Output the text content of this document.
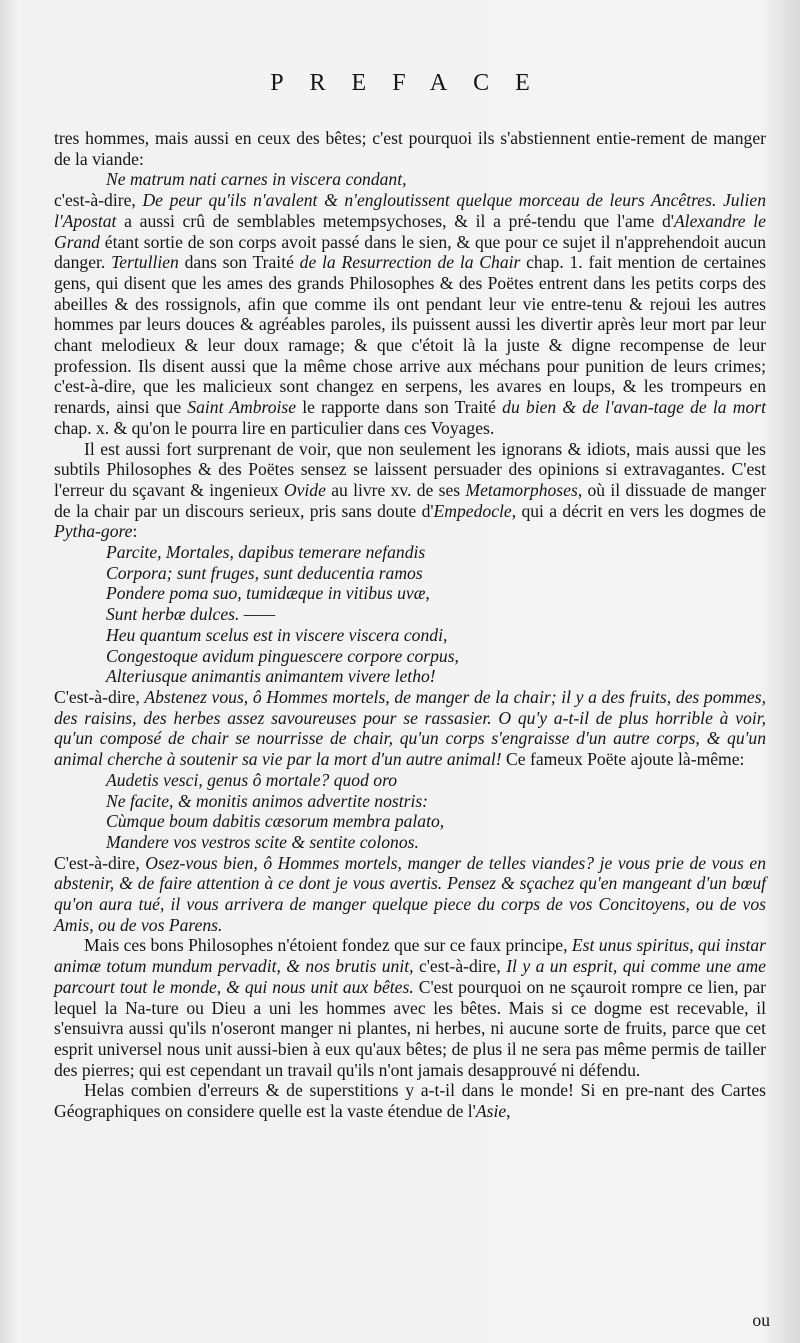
PREFACE

tres hommes, mais aussi en ceux des bêtes; c'est pourquoi ils s'abstiennent entie-rement de manger de la viande:

Ne matrum nati carnes in viscera condant,

c'est-à-dire, De peur qu'ils n'avalent & n'engloutissent quelque morceau de leurs Ancêtres. Julien l'Apostat a aussi crû de semblables metempsychoses, & il a pré-tendu que l'ame d'Alexandre le Grand étant sortie de son corps avoit passé dans le sien, & que pour ce sujet il n'apprehendoit aucun danger. Tertullien dans son Traité de la Resurrection de la Chair chap. 1. fait mention de certaines gens, qui disent que les ames des grands Philosophes & des Poëtes entrent dans les petits corps des abeilles & des rossignols, afin que comme ils ont pendant leur vie entre-tenu & rejoui les autres hommes par leurs douces & agréables paroles, ils puissent aussi les divertir après leur mort par leur chant melodieux & leur doux ramage; & que c'étoit là la juste & digne recompense de leur profession. Ils disent aussi que la même chose arrive aux méchans pour punition de leurs crimes; c'est-à-dire, que les malicieux sont changez en serpens, les avares en loups, & les trompeurs en renards, ainsi que Saint Ambroise le rapporte dans son Traité du bien & de l'avan-tage de la mort chap. x. & qu'on le pourra lire en particulier dans ces Voyages.

Il est aussi fort surprenant de voir, que non seulement les ignorans & idiots, mais aussi que les subtils Philosophes & des Poëtes sensez se laissent persuader des opinions si extravagantes. C'est l'erreur du sçavant & ingenieux Ovide au livre xv. de ses Metamorphoses, où il dissuade de manger de la chair par un discours serieux, pris sans doute d'Empedocle, qui a décrit en vers les dogmes de Pytha-gore:

Parcite, Mortales, dapibus temerare nefandis
Corpora; sunt fruges, sunt deducentia ramos
Pondere poma suo, tumidæque in vitibus uvæ,
Sunt herbæ dulces. ——
Heu quantum scelus est in viscere viscera condi,
Congestoque avidum pinguescere corpore corpus,
Alteriusque animantis animantem vivere letho!

C'est-à-dire, Abstenez vous, ô Hommes mortels, de manger de la chair; il y a des fruits, des pommes, des raisins, des herbes assez savoureuses pour se rassasier. O qu'y a-t-il de plus horrible à voir, qu'un composé de chair se nourrisse de chair, qu'un corps s'engraisse d'un autre corps, & qu'un animal cherche à soutenir sa vie par la mort d'un autre animal! Ce fameux Poëte ajoute là-même:

Audetis vesci, genus ô mortale? quod oro
Ne facite, & monitis animos advertite nostris:
Cùmque boum dabitis cæsorum membra palato,
Mandere vos vestros scite & sentite colonos.

C'est-à-dire, Osez-vous bien, ô Hommes mortels, manger de telles viandes? je vous prie de vous en abstenir, & de faire attention à ce dont je vous avertis. Pensez & sçachez qu'en mangeant d'un bœuf qu'on aura tué, il vous arrivera de manger quelque piece du corps de vos Concitoyens, ou de vos Amis, ou de vos Parens.

Mais ces bons Philosophes n'étoient fondez que sur ce faux principe, Est unus spiritus, qui instar animæ totum mundum pervadit, & nos brutis unit, c'est-à-dire, Il y a un esprit, qui comme une ame parcourt tout le monde, & qui nous unit aux bêtes. C'est pourquoi on ne sçauroit rompre ce lien, par lequel la Na-ture ou Dieu a uni les hommes avec les bêtes. Mais si ce dogme est recevable, il s'ensuivra aussi qu'ils n'oseront manger ni plantes, ni herbes, ni aucune sorte de fruits, parce que cet esprit universel nous unit aussi-bien à eux qu'aux bêtes; de plus il ne sera pas même permis de tailler des pierres; qui est cependant un travail qu'ils n'ont jamais desapprouvé ni défendu.

Helas combien d'erreurs & de superstitions y a-t-il dans le monde! Si en pre-nant des Cartes Géographiques on considere quelle est la vaste étendue de l'Asie,

ou
